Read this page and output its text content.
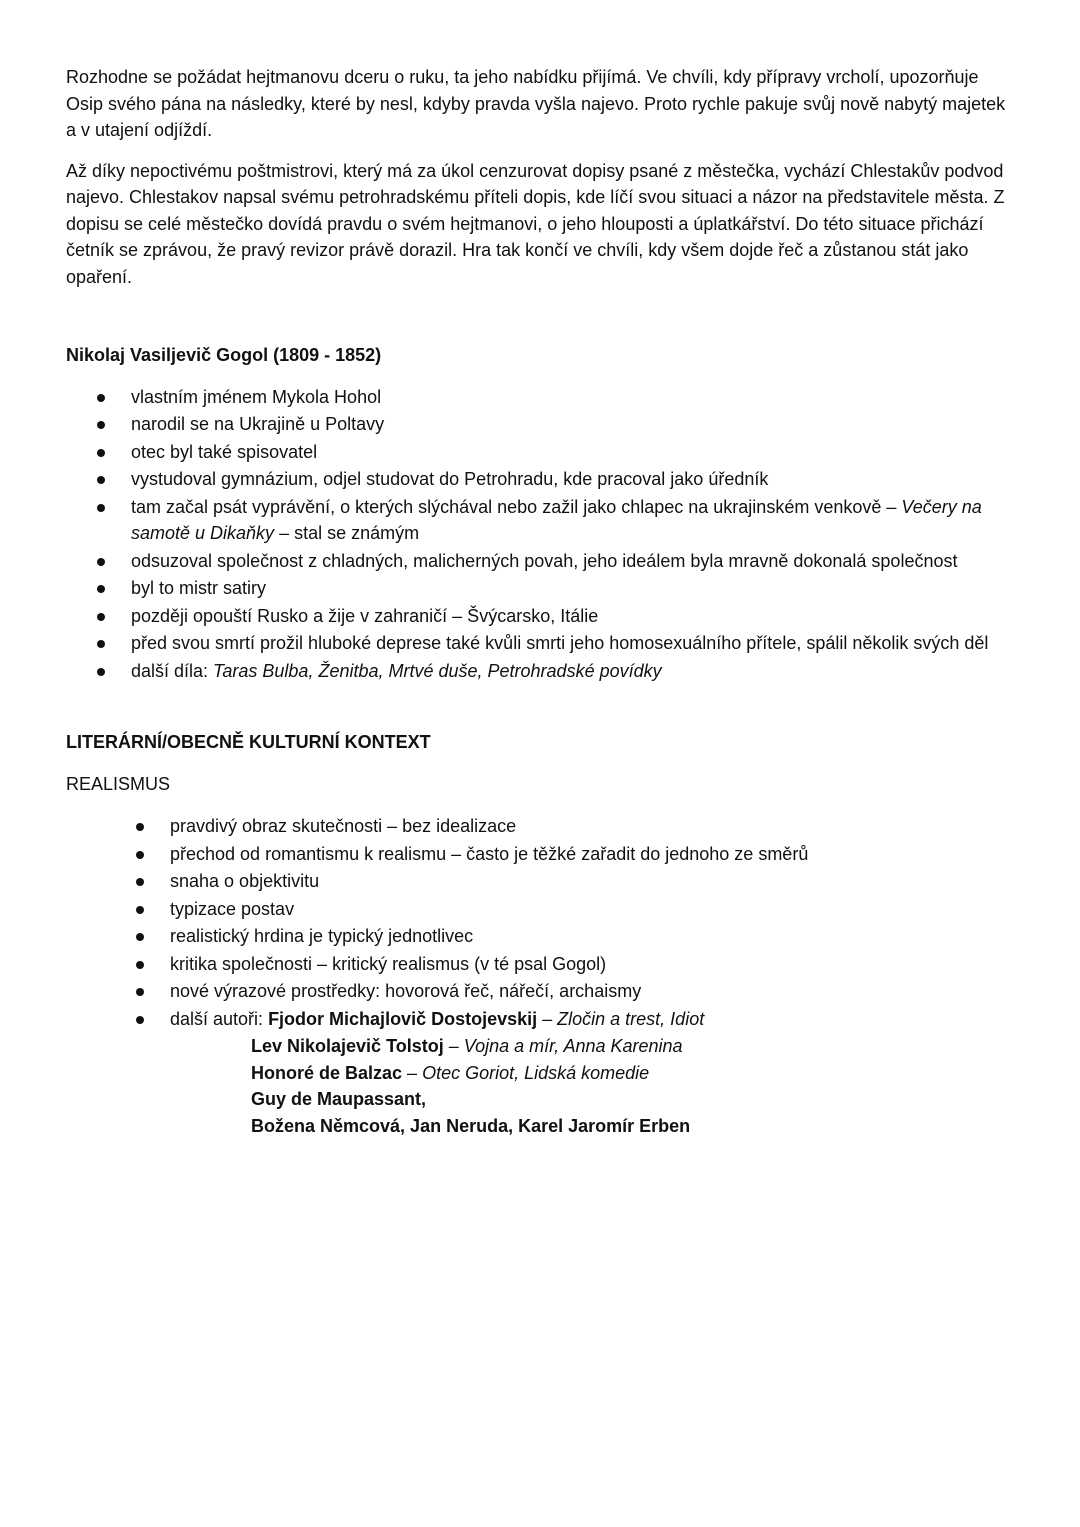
Rozhodne se požádat hejtmanovu dceru o ruku, ta jeho nabídku přijímá. Ve chvíli, kdy přípravy vrcholí, upozorňuje Osip svého pána na následky, které by nesl, kdyby pravda vyšla najevo. Proto rychle pakuje svůj nově nabytý majetek a v utajení odjíždí.

Až díky nepoctivému poštmistrovi, který má za úkol cenzurovat dopisy psané z městečka, vychází Chlestakův podvod najevo. Chlestakov napsal svému petrohradskému příteli dopis, kde líčí svou situaci a názor na představitele města. Z dopisu se celé městečko dovídá pravdu o svém hejtmanovi, o jeho hlouposti a úplatkářství. Do této situace přichází četník se zprávou, že pravý revizor právě dorazil. Hra tak končí ve chvíli, kdy všem dojde řeč a zůstanou stát jako opaření.

Nikolaj Vasiljevič Gogol (1809 - 1852)

vlastním jménem Mykola Hohol
narodil se na Ukrajině u Poltavy
otec byl také spisovatel
vystudoval gymnázium, odjel studovat do Petrohradu, kde pracoval jako úředník
tam začal psát vyprávění, o kterých slýchával nebo zažil jako chlapec na ukrajinském venkově – Večery na samotě u Dikaňky – stal se známým
odsuzoval společnost z chladných, malicherných povah, jeho ideálem byla mravně dokonalá společnost
byl to mistr satiry
později opouští Rusko a žije v zahraničí – Švýcarsko, Itálie
před svou smrtí prožil hluboké deprese také kvůli smrti jeho homosexuálního přítele, spálil několik svých děl
další díla: Taras Bulba, Ženitba, Mrtvé duše, Petrohradské povídky

LITERÁRNÍ/OBECNĚ KULTURNÍ KONTEXT

REALISMUS

pravdivý obraz skutečnosti – bez idealizace
přechod od romantismu k realismu – často je těžké zařadit do jednoho ze směrů
snaha o objektivitu
typizace postav
realistický hrdina je typický jednotlivec
kritika společnosti – kritický realismus (v té psal Gogol)
nové výrazové prostředky: hovorová řeč, nářečí, archaismy
další autoři: Fjodor Michajlovič Dostojevskij – Zločin a trest, Idiot
Lev Nikolajevič Tolstoj – Vojna a mír, Anna Karenina
Honoré de Balzac – Otec Goriot, Lidská komedie
Guy de Maupassant,
Božena Němcová, Jan Neruda, Karel Jaromír Erben
